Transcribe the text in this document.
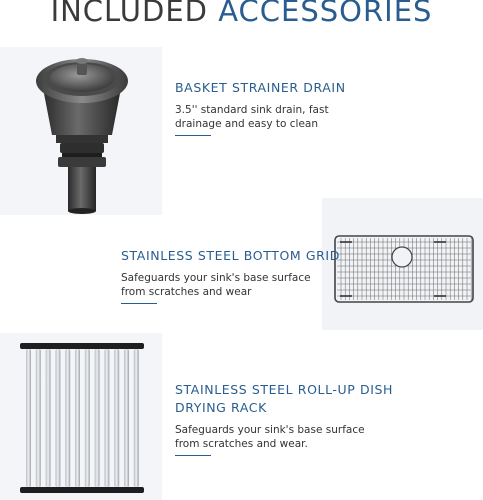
INCLUDED ACCESSORIES
BASKET STRAINER DRAIN
3.5'' standard sink drain, fast drainage and easy to clean
STAINLESS STEEL BOTTOM GRID
Safeguards your sink's base surface from scratches and wear
STAINLESS STEEL ROLL-UP DISH
DRYING RACK
Safeguards your sink's base surface from scratches and wear.
